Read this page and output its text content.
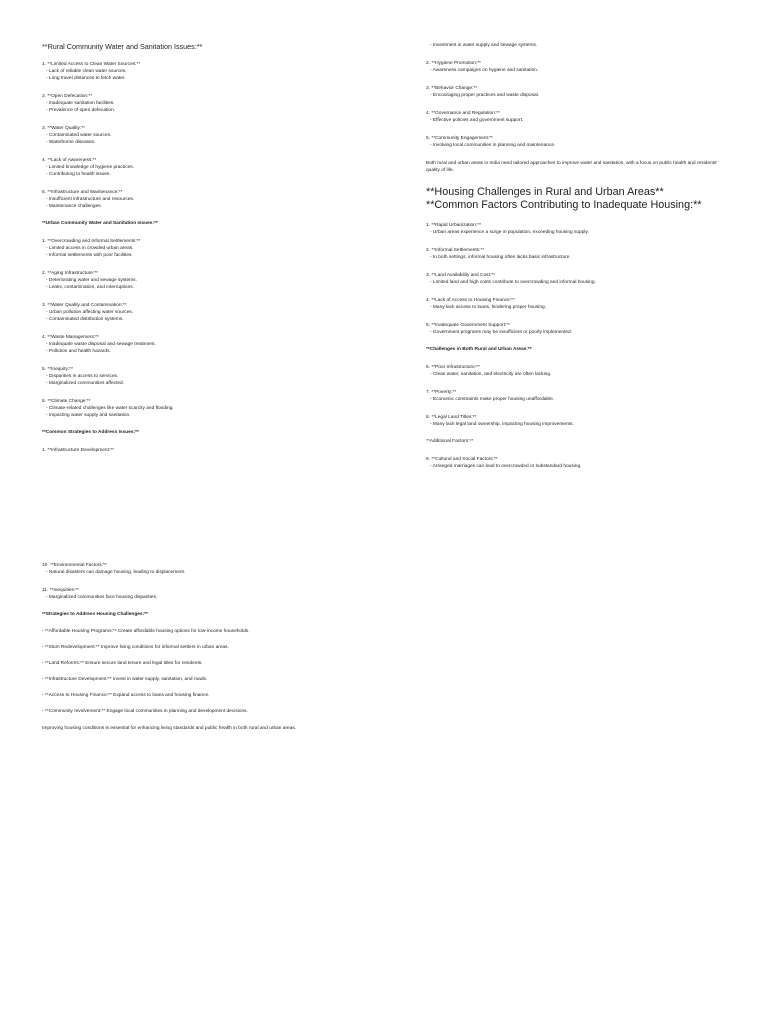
**Rural Community Water and Sanitation Issues:**
1. **Limited Access to Clean Water Sources:**
- Lack of reliable clean water sources.
- Long travel distances to fetch water.
2. **Open Defecation:**
- Inadequate sanitation facilities.
- Prevalence of open defecation.
3. **Water Quality:**
- Contaminated water sources.
- Waterborne diseases.
4. **Lack of Awareness:**
- Limited knowledge of hygiene practices.
- Contributing to health issues.
5. **Infrastructure and Maintenance:**
- Insufficient infrastructure and resources.
- Maintenance challenges.
**Urban Community Water and Sanitation Issues:**
1. **Overcrowding and Informal Settlements:**
- Limited access in crowded urban areas.
- Informal settlements with poor facilities.
2. **Aging Infrastructure:**
- Deteriorating water and sewage systems.
- Leaks, contamination, and interruptions.
3. **Water Quality and Contamination:**
- Urban pollution affecting water sources.
- Contaminated distribution systems.
4. **Waste Management:**
- Inadequate waste disposal and sewage treatment.
- Pollution and health hazards.
5. **Inequity:**
- Disparities in access to services.
- Marginalized communities affected.
6. **Climate Change:**
- Climate-related challenges like water scarcity and flooding.
- Impacting water supply and sanitation.
**Common Strategies to Address Issues:**
1. **Infrastructure Development:**
- Investment in water supply and sewage systems.
2. **Hygiene Promotion:**
- Awareness campaigns on hygiene and sanitation.
3. **Behavior Change:**
- Encouraging proper practices and waste disposal.
4. **Governance and Regulation:**
- Effective policies and government support.
5. **Community Engagement:**
- Involving local communities in planning and maintenance.
Both rural and urban areas in India need tailored approaches to improve water and sanitation, with a focus on public health and residents' quality of life.
**Housing Challenges in Rural and Urban Areas**
**Common Factors Contributing to Inadequate Housing:**
1. **Rapid Urbanization:**
- Urban areas experience a surge in population, exceeding housing supply.
2. **Informal Settlements:**
- In both settings, informal housing often lacks basic infrastructure.
3. **Land Availability and Cost:**
- Limited land and high costs contribute to overcrowding and informal housing.
4. **Lack of Access to Housing Finance:**
- Many lack access to loans, hindering proper housing.
5. **Inadequate Government Support:**
- Government programs may be insufficient or poorly implemented.
**Challenges in Both Rural and Urban Areas:**
6. **Poor Infrastructure:**
- Clean water, sanitation, and electricity are often lacking.
7. **Poverty:**
- Economic constraints make proper housing unaffordable.
8. **Legal Land Titles:**
- Many lack legal land ownership, impacting housing improvements.
**Additional Factors:**
9. **Cultural and Social Factors:**
- Arranged marriages can lead to overcrowded or substandard housing.
10. **Environmental Factors:**
- Natural disasters can damage housing, leading to displacement.
11. **Inequities:**
- Marginalized communities face housing disparities.
**Strategies to Address Housing Challenges:**
- **Affordable Housing Programs:** Create affordable housing options for low-income households.
- **Slum Redevelopment:** Improve living conditions for informal settlers in urban areas.
- **Land Reforms:** Ensure secure land tenure and legal titles for residents.
- **Infrastructure Development:** Invest in water supply, sanitation, and roads.
- **Access to Housing Finance:** Expand access to loans and housing finance.
- **Community Involvement:** Engage local communities in planning and development decisions.
Improving housing conditions is essential for enhancing living standards and public health in both rural and urban areas.
